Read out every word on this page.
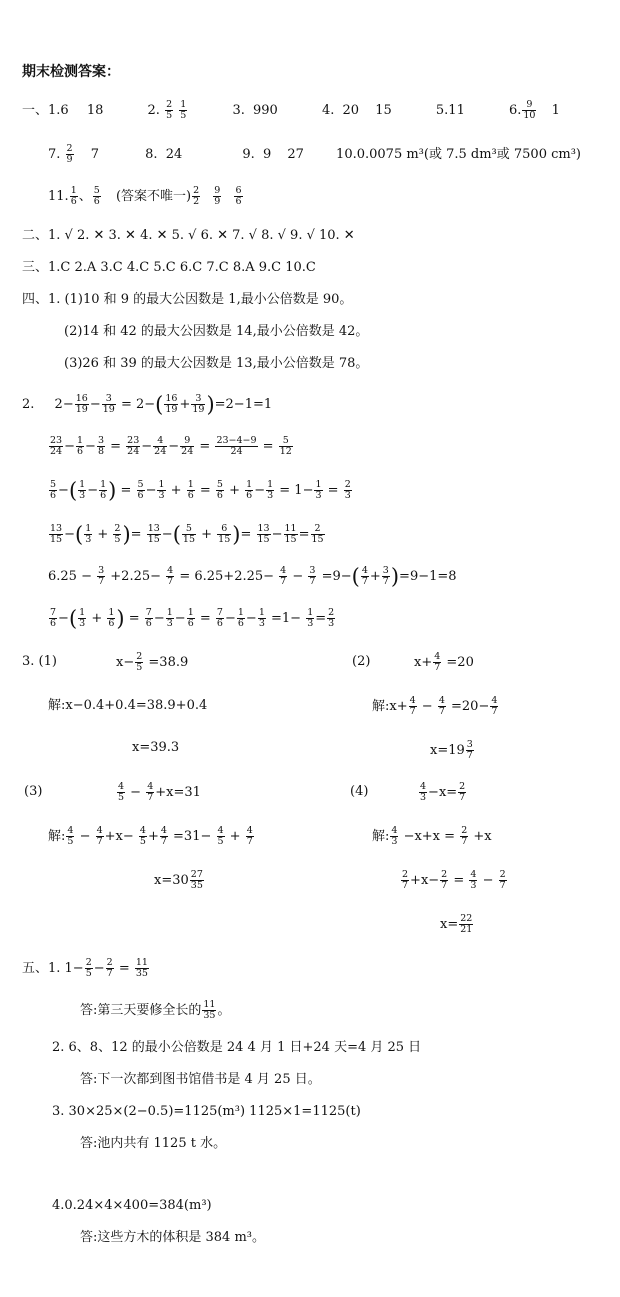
期末检测答案：
一、1.6 18	2. $\frac{2}{5}$
$\frac{1}{5}$	3. 990	4. 20 15	5.11	6. $\frac{9}{10} 1$
7. $\frac{2}{9} 7$	8. 24	9. 9 27 10.0.0075 m³(或 7.5 dm³或 7500 cm³)
11. $\frac{1}{6}$ 、 $\frac{5}{6}$ (答案不唯一) $\frac{2}{2}$
$\frac{9}{9}$
$\frac{6}{6}$
二、1. √ 2. ✕ 3. ✕ 4. ✕ 5. √ 6. ✕ 7. √ 8. √ 9. √ 10. ✕
三、1.C 2.A 3.C 4.C 5.C 6.C 7.C 8.A 9.C 10.C
四、1. (1)10 和 9 的最大公因数是 1,最小公倍数是 90。
(2)14 和 42 的最大公因数是 14,最小公倍数是 42。
(3)26 和 39 的最大公因数是 13,最小公倍数是 78。
2. $2- \frac{16}{19} - \frac{3}{19} = 2-( \frac{16}{19} + \frac{3}{19} )=2-1=1$
$\frac{23}{24} - \frac{1}{6} - \frac{3}{8} = \frac{23}{24} - \frac{4}{24} - \frac{9}{24} = \frac{23-4-9}{24} = \frac{5}{12}$
$\frac{5}{6}$ −( $\frac{1}{3} - \frac{1}{6}$ ) = $\frac{5}{6} - \frac{1}{3} + \frac{1}{6} = \frac{5}{6} + \frac{1}{6} - \frac{1}{3} = 1- \frac{1}{3} = \frac{2}{3}$
$\frac{13}{15}$ −( $\frac{1}{3} + \frac{2}{5}$ )= $\frac{13}{15}$ −( $\frac{5}{15} + \frac{6}{15}$ )= $\frac{13}{15} - \frac{11}{15} = \frac{2}{15}$
$6.25 - \frac{3}{7} +2.25- \frac{4}{7} = 6.25+2.25- \frac{4}{7} - \frac{3}{7} =9-( \frac{4}{7} + \frac{3}{7} )=9-1=8$
$\frac{7}{6}$ −( $\frac{1}{3} + \frac{1}{6}$ ) = $\frac{7}{6} - \frac{1}{3} - \frac{1}{6} = \frac{7}{6} - \frac{1}{6} - \frac{1}{3} =1- \frac{1}{3} = \frac{2}{3}$
3. (1)	$x- \frac{2}{5} =38.9$
解:x−0.4+0.4=38.9+0.4
x=39.3
(2)	$x+ \frac{4}{7} =20$
解:x+ $\frac{4}{7} - \frac{4}{7} =20- \frac{4}{7}$
$x=19 \frac{3}{7}$
(3)	$\frac{4}{5} - \frac{4}{7} +x=31$
解: $\frac{4}{5} - \frac{4}{7} +x- \frac{4}{5} + \frac{4}{7} =31- \frac{4}{5} + \frac{4}{7}$
$x=30 \frac{27}{35}$
(4)	$\frac{4}{3} -x= \frac{2}{7}$
解: $\frac{4}{3} -x+x = \frac{2}{7} +x$
$\frac{2}{7} +x- \frac{2}{7} = \frac{4}{3} - \frac{2}{7}$
$x= \frac{22}{21}$
五、1. $1- \frac{2}{5} - \frac{2}{7} = \frac{11}{35}$
答:第三天要修全长的 $\frac{11}{35}$ 。
2. 6、8、12 的最小公倍数是 24 4 月 1 日+24 天=4 月 25 日
答:下一次都到图书馆借书是 4 月 25 日。
3. 30×25×(2−0.5)=1125(m³) 1125×1=1125(t)
答:池内共有 1125 t 水。
4.0.24×4×400=384(m³)
答:这些方木的体积是 384 m³。
